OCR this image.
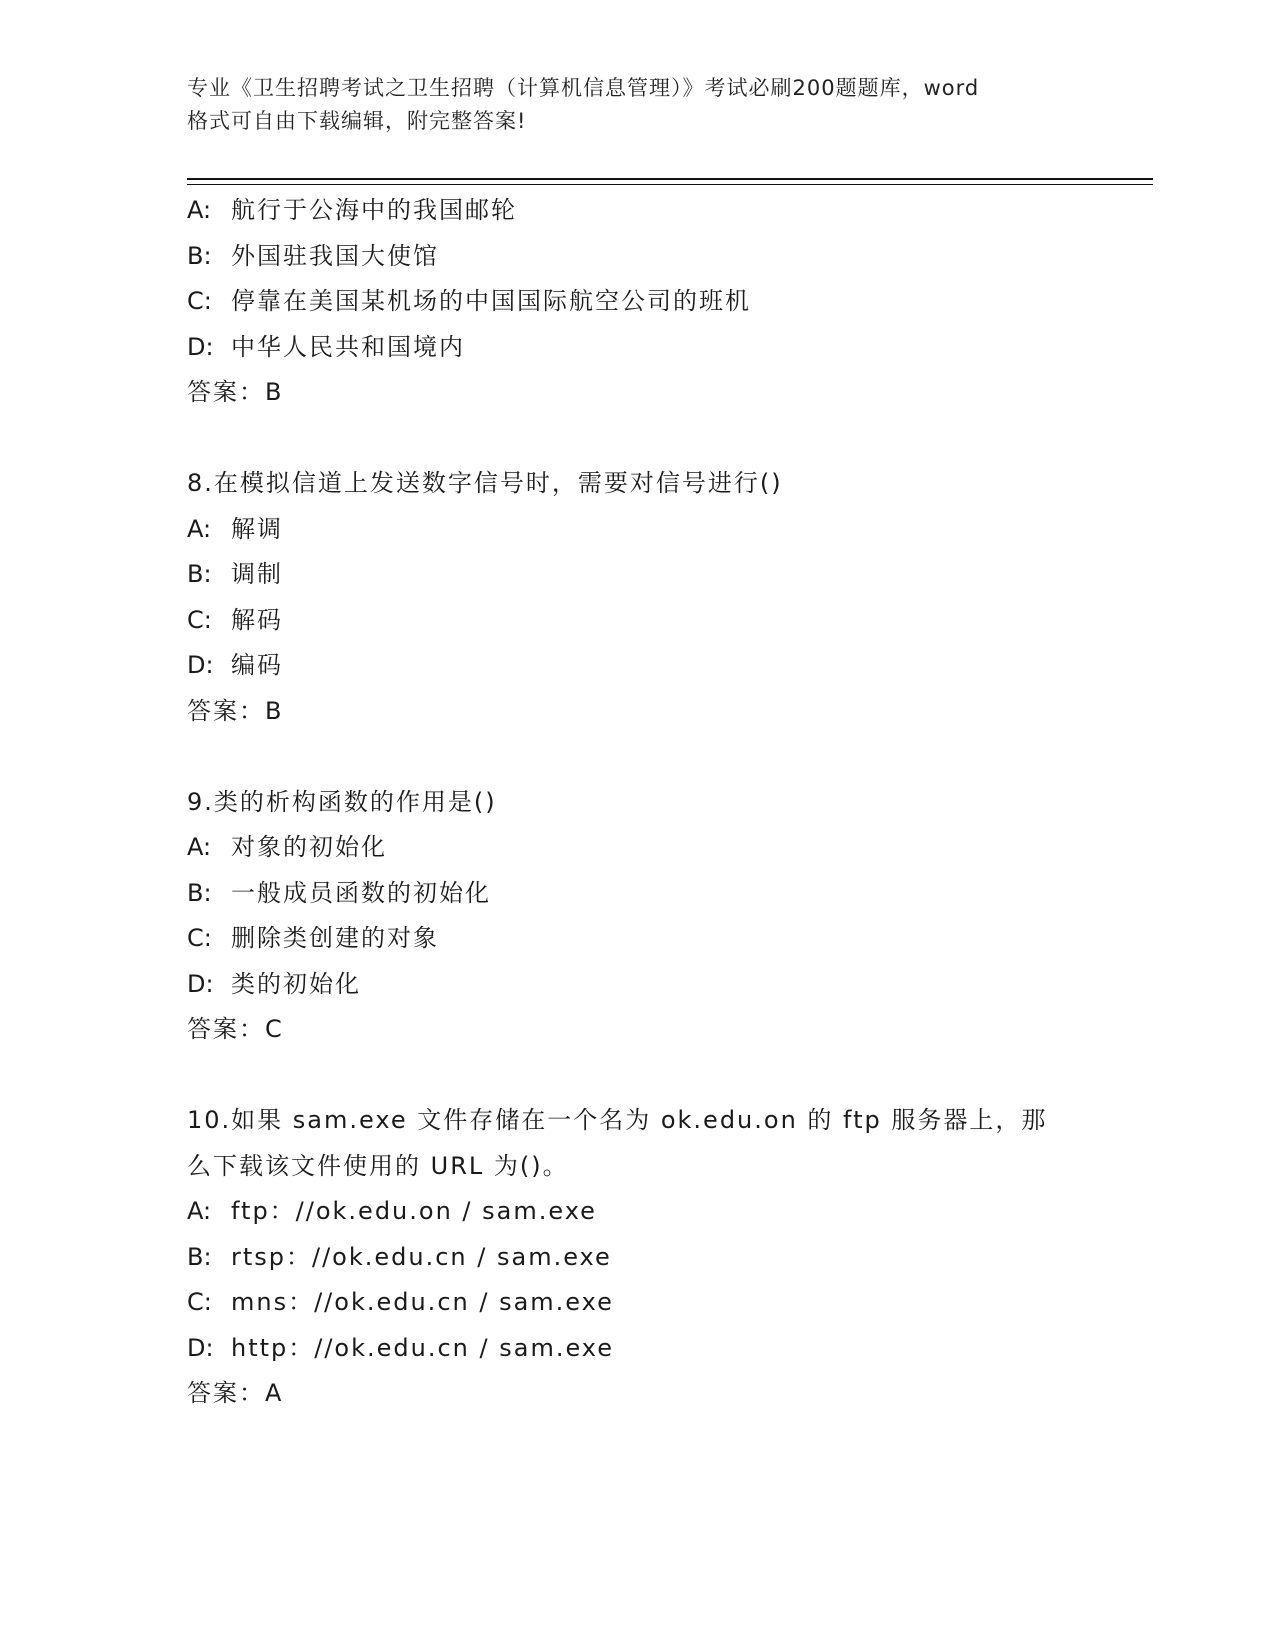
专业《卫生招聘考试之卫生招聘（计算机信息管理）》考试必刷200题题库，word
格式可自由下载编辑，附完整答案!
A: 航行于公海中的我国邮轮
B: 外国驻我国大使馆
C: 停靠在美国某机场的中国国际航空公司的班机
D: 中华人民共和国境内
答案：B
8.在模拟信道上发送数字信号时，需要对信号进行()
A: 解调
B: 调制
C: 解码
D: 编码
答案：B
9.类的析构函数的作用是()
A: 对象的初始化
B: 一般成员函数的初始化
C: 删除类创建的对象
D: 类的初始化
答案：C
10.如果 sam.exe 文件存储在一个名为 ok.edu.on 的 ftp 服务器上，那
么下载该文件使用的 URL 为()。
A: ftp：//ok.edu.on / sam.exe
B: rtsp：//ok.edu.cn / sam.exe
C: mns：//ok.edu.cn / sam.exe
D: http：//ok.edu.cn / sam.exe
答案：A
